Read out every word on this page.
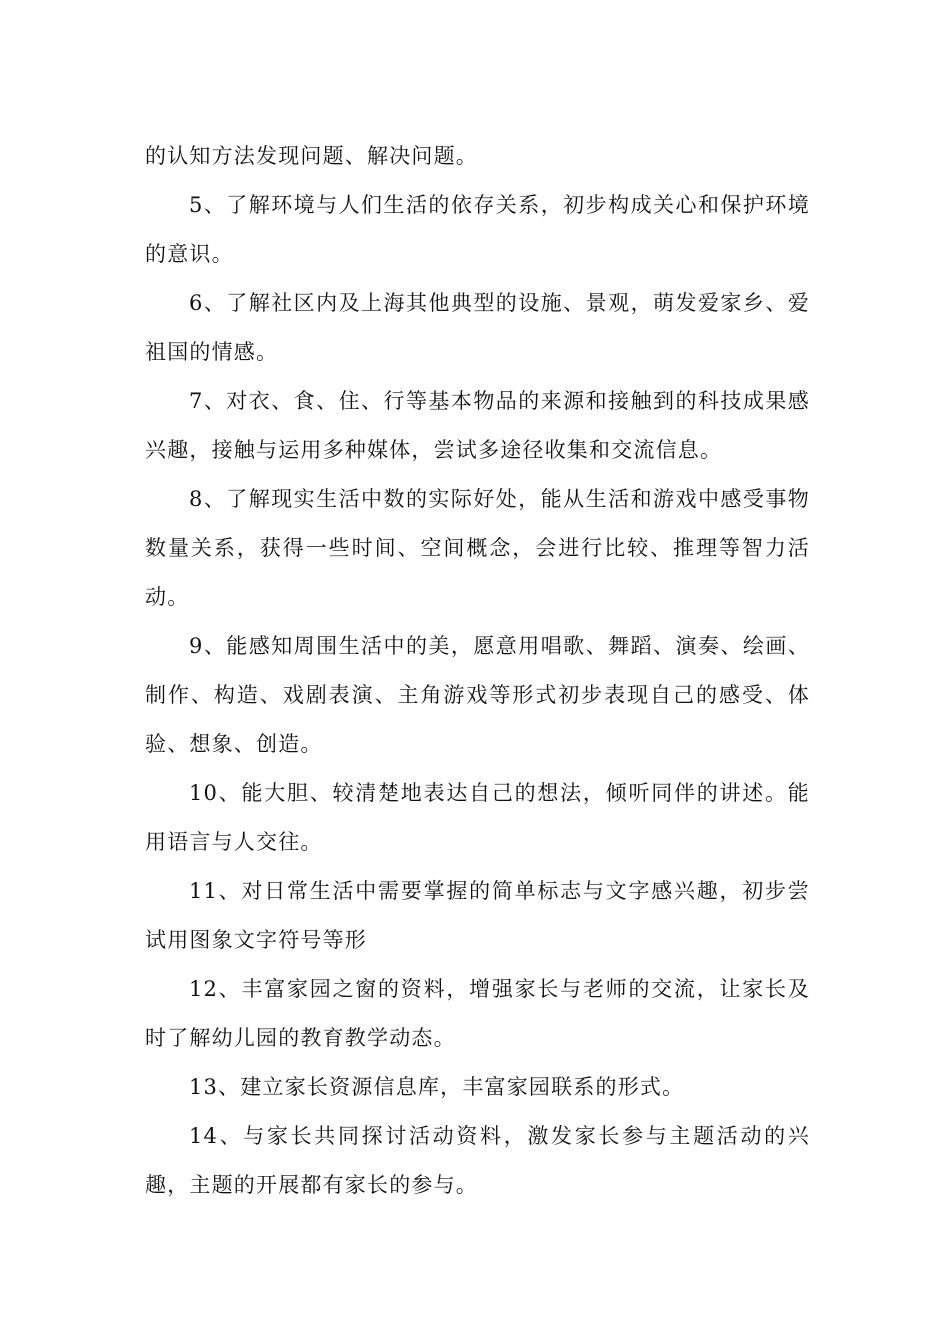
的认知方法发现问题、解决问题。

5、了解环境与人们生活的依存关系，初步构成关心和保护环境的意识。

6、了解社区内及上海其他典型的设施、景观，萌发爱家乡、爱祖国的情感。

7、对衣、食、住、行等基本物品的来源和接触到的科技成果感兴趣，接触与运用多种媒体，尝试多途径收集和交流信息。

8、了解现实生活中数的实际好处，能从生活和游戏中感受事物数量关系，获得一些时间、空间概念，会进行比较、推理等智力活动。

9、能感知周围生活中的美，愿意用唱歌、舞蹈、演奏、绘画、制作、构造、戏剧表演、主角游戏等形式初步表现自己的感受、体验、想象、创造。

10、能大胆、较清楚地表达自己的想法，倾听同伴的讲述。能用语言与人交往。

11、对日常生活中需要掌握的简单标志与文字感兴趣，初步尝试用图象文字符号等形

12、丰富家园之窗的资料，增强家长与老师的交流，让家长及时了解幼儿园的教育教学动态。

13、建立家长资源信息库，丰富家园联系的形式。

14、与家长共同探讨活动资料，激发家长参与主题活动的兴趣，主题的开展都有家长的参与。
